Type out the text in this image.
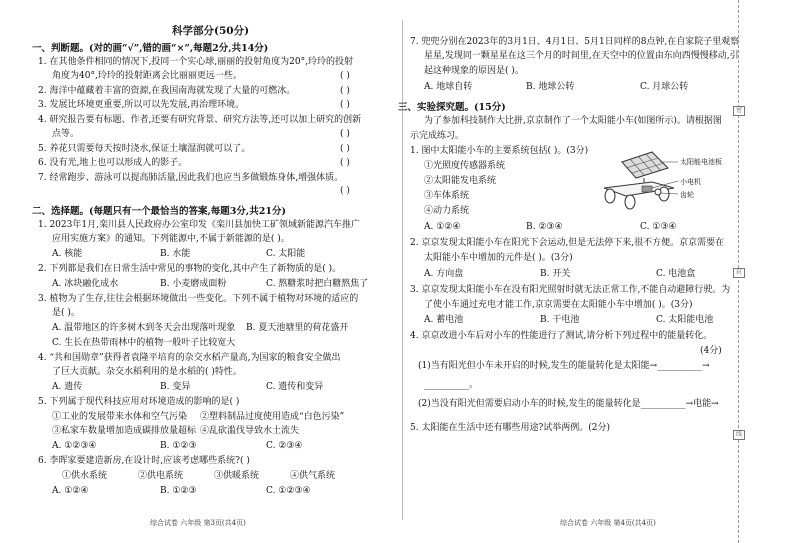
科学部分(50分)
一、判断题。(对的画“√”,错的画“×”,每题2分,共14分)
1. 在其他条件相同的情况下,投同一个实心球,丽丽的投射角度为20°,玲玲的投射
角度为40°,玲玲的投射距离会比丽丽更远一些。
2. 海洋中蕴藏着丰富的资源,在我国南海就发现了大量的可燃冰。
3. 发展比环境更重要,所以可以先发展,再治理环境。
4. 研究报告要有标题、作者,还要有研究背景、研究方法等,还可以加上研究的创新
点等。
5. 养花只需要每天按时浇水,保证土壤湿润就可以了。
6. 没有光,地上也可以形成人的影子。
7. 经常跑步、游泳可以提高肺活量,因此我们也应当多做锻炼身体,增强体质。
( )
( )
( )
( )
( )
( )
( )
二、选择题。(每题只有一个最恰当的答案,每题3分,共21分)
1. 2023年1月,栾川县人民政府办公室印发《栾川县加快工矿领域新能源汽车推广
应用实施方案》的通知。下列能源中,不属于新能源的是( )。
A. 核能	B. 水能	C. 太阳能
2. 下列都是我们在日常生活中常见的事物的变化,其中产生了新物质的是( )。
A. 冰块融化成水	B. 小麦磨成面粉	C. 熬糖浆时把白糖熬焦了
3. 植物为了生存,往往会根据环境做出一些变化。下列不属于植物对环境的适应的
是( )。
A. 温带地区的许多树木到冬天会出现落叶现象 B. 夏天池塘里的荷花盛开
C. 生长在热带雨林中的植物一般叶子比较宽大
4. “共和国勋章”获得者袁隆平培育的杂交水稻产量高,为国家的粮食安全做出
了巨大贡献。杂交水稻利用的是水稻的( )特性。
A. 遗传	B. 变异	C. 遗传和变异
5. 下列属于现代科技应用对环境造成的影响的是( )
①工业的发展带来水体和空气污染 ②塑料制品过度使用造成“白色污染”
③私家车数量增加造成碳排放量超标 ④乱砍滥伐导致水土流失
A. ①②③④	B. ①②③	C. ②③④
6. 李晖家要建造新房,在设计时,应该考虑哪些系统?( )
①供水系统	②供电系统	③供暖系统	④供气系统
A. ①②④	B. ①②③	C. ①②③④
综合试卷 六年级 第3页(共4页)
7. 兜兜分别在2023年的3月1日、4月1日、5月1日同样的8点钟,在自家院子里观察
星星,发现同一颗星星在这三个月的时间里,在天空中的位置由东向西慢慢移动,引
起这种现象的原因是( )。
A. 地球自转	B. 地球公转	C. 月球公转
三、实验探究题。(15分)
为了参加科技制作大比拼,京京制作了一个太阳能小车(如图所示)。请根据图
示完成练习。
1. 图中太阳能小车的主要系统包括( )。(3分)
①光照度传感器系统
②太阳能发电系统
③车体系统
④动力系统
A. ①②④	B. ②③④	C. ①③④
太阳能电池板
小电机
齿轮
2. 京京发现太阳能小车在阳光下会运动,但是无法停下来,很不方便。京京需要在
太阳能小车中增加的元件是( )。(3分)
A. 方向盘	B. 开关	C. 电池盒
3. 京京发现太阳能小车在没有阳光照射时就无法正常工作,不能自动避障行驶。为
了使小车通过充电才能工作,京京需要在太阳能小车中增加( )。(3分)
A. 蓄电池	B. 干电池	C. 太阳能电池
4. 京京改进小车后对小车的性能进行了测试,请分析下列过程中的能量转化。
(4分)
(1)当有阳光但小车未开启的时候,发生的能量转化是太阳能→__________→
__________。
(2)当没有阳光但需要启动小车的时候,发生的能量转化是__________→电能→
5. 太阳能在生活中还有哪些用途?试举两例。(2分)
综合试卷 六年级 第4页(共4页)
密
封
线
